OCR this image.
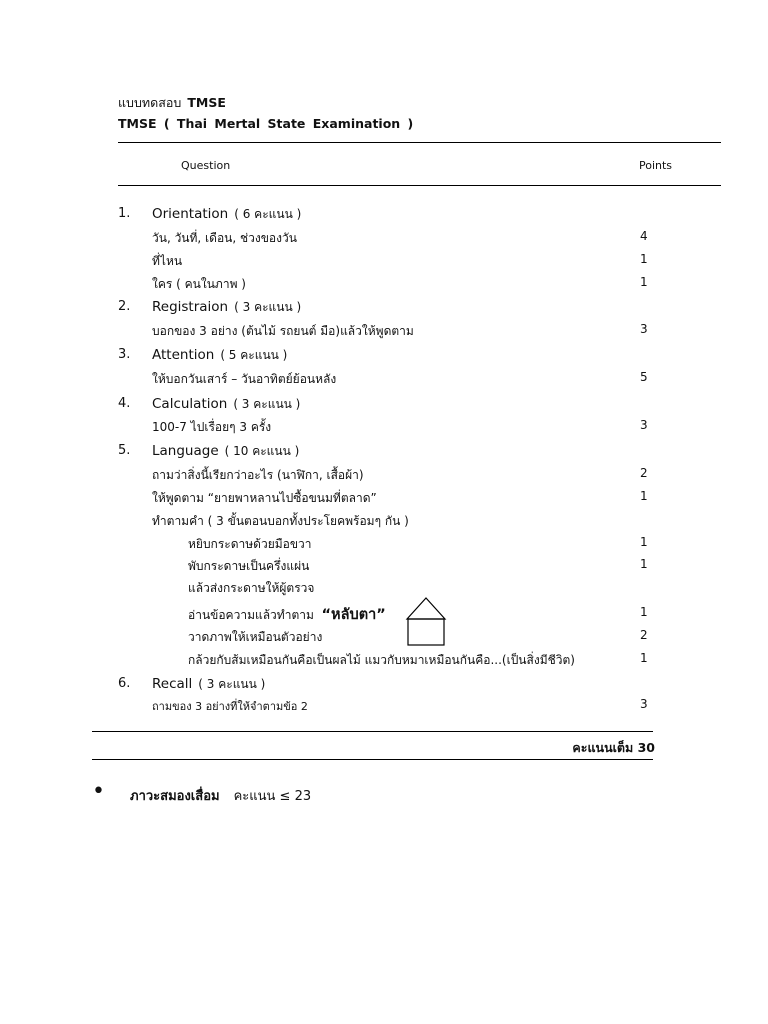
แบบทดสอบ TMSE
TMSE ( Thai Mertal State Examination )
Question	Points
1. Orientation ( 6 คะแนน )
วัน, วันที่, เดือน, ช่วงของวัน	4
ที่ไหน	1
ใคร ( คนในภาพ )	1
2. Registraion ( 3 คะแนน )
บอกของ 3 อย่าง (ต้นไม้ รถยนต์ มือ)แล้วให้พูดตาม	3
3. Attention ( 5 คะแนน )
ให้บอกวันเสาร์ – วันอาทิตย์ย้อนหลัง	5
4. Calculation ( 3 คะแนน )
100-7 ไปเรื่อยๆ 3 ครั้ง	3
5. Language ( 10 คะแนน )
ถามว่าสิ่งนี้เรียกว่าอะไร (นาฬิกา, เสื้อผ้า)	2
ให้พูดตาม “ยายพาหลานไปซื้อขนมที่ตลาด”	1
ทำตามคำ ( 3 ขั้นตอนบอกทั้งประโยคพร้อมๆ กัน )
หยิบกระดาษด้วยมือขวา	1
พับกระดาษเป็นครึ่งแผ่น	1
แล้วส่งกระดาษให้ผู้ตรวจ
อ่านข้อความแล้วทำตาม “หลับตา”	1
วาดภาพให้เหมือนตัวอย่าง	2
กล้วยกับส้มเหมือนกันคือเป็นผลไม้ แมวกับหมาเหมือนกันคือ...(เป็นสิ่งมีชีวิต)	1
6. Recall ( 3 คะแนน )
ถามของ 3 อย่างที่ให้จำตามข้อ 2	3
คะแนนเต็ม 30
• ภาวะสมองเสื่อม คะแนน ≤ 23
